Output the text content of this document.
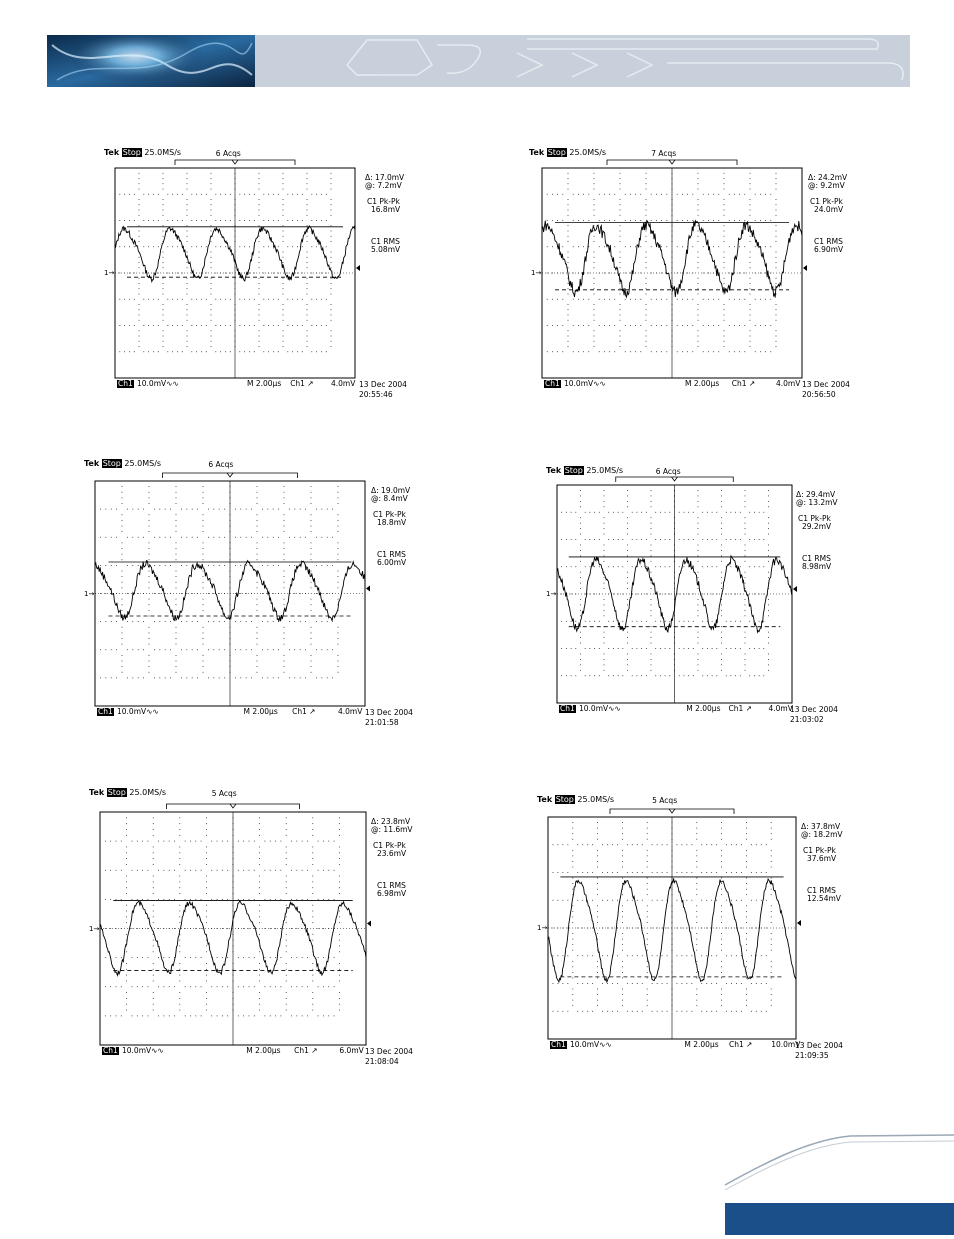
Tek Stop 25.0MS/s	6 Acqs
1→
Δ: 17.0mV
@: 7.2mV
C1 Pk-Pk
16.8mV
C1 RMS
5.08mV
Ch1 10.0mV∿∿	M 2.00µs Ch1 ↗ 4.0mV 13 Dec 2004
20:55:46
Tek Stop 25.0MS/s	7 Acqs
1→
Δ: 24.2mV
@: 9.2mV
C1 Pk-Pk
24.0mV
C1 RMS
6.90mV
Ch1 10.0mV∿∿	M 2.00µs Ch1 ↗	4.0mV 13 Dec 2004
20:56:50
Tek Stop 25.0MS/s	6 Acqs
1→
Δ: 19.0mV
@: 8.4mV
C1 Pk-Pk
18.8mV
C1 RMS
6.00mV
Ch1 10.0mV∿∿	M 2.00µs Ch1 ↗	4.0mV 13 Dec 2004
21:01:58
Tek Stop 25.0MS/s	6 Acqs
1→
Δ: 29.4mV
@: 13.2mV
C1 Pk-Pk
29.2mV
C1 RMS
8.98mV
Ch1 10.0mV∿∿	M 2.00µs Ch1 ↗ 4.0mV
13 Dec 2004
21:03:02
Tek Stop 25.0MS/s	5 Acqs
1→
Δ: 23.8mV
@: 11.6mV
C1 Pk-Pk
23.6mV
C1 RMS
6.98mV
Ch1 10.0mV∿∿	M 2.00µs Ch1 ↗	6.0mV 13 Dec 2004
21:08:04
Tek Stop 25.0MS/s	5 Acqs
1→
Δ: 37.8mV
@: 18.2mV
C1 Pk-Pk
37.6mV
C1 RMS
12.54mV
Ch1 10.0mV∿∿	M 2.00µs Ch1 ↗ 10.0mV
13 Dec 2004
21:09:35
